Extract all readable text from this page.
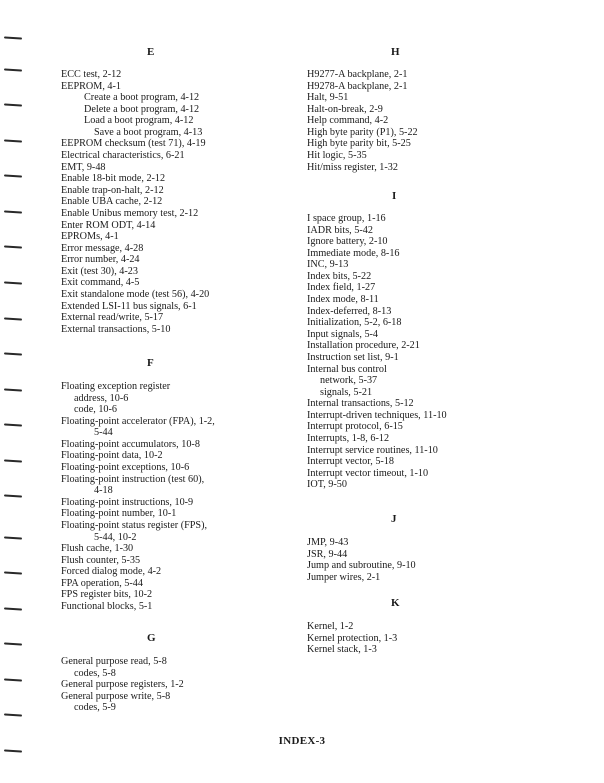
E
ECC test, 2-12
EEPROM, 4-1
Create a boot program, 4-12
Delete a boot program, 4-12
Load a boot program, 4-12
Save a boot program, 4-13
EEPROM checksum (test 71), 4-19
Electrical characteristics, 6-21
EMT, 9-48
Enable 18-bit mode, 2-12
Enable trap-on-halt, 2-12
Enable UBA cache, 2-12
Enable Unibus memory test, 2-12
Enter ROM ODT, 4-14
EPROMs, 4-1
Error message, 4-28
Error number, 4-24
Exit (test 30), 4-23
Exit command, 4-5
Exit standalone mode (test 56), 4-20
Extended LSI-11 bus signals, 6-1
External read/write, 5-17
External transactions, 5-10
F
Floating exception register
address, 10-6
code, 10-6
Floating-point accelerator (FPA), 1-2,
5-44
Floating-point accumulators, 10-8
Floating-point data, 10-2
Floating-point exceptions, 10-6
Floating-point instruction (test 60),
4-18
Floating-point instructions, 10-9
Floating-point number, 10-1
Floating-point status register (FPS),
5-44, 10-2
Flush cache, 1-30
Flush counter, 5-35
Forced dialog mode, 4-2
FPA operation, 5-44
FPS register bits, 10-2
Functional blocks, 5-1
G
General purpose read, 5-8
codes, 5-8
General purpose registers, 1-2
General purpose write, 5-8
codes, 5-9
H
H9277-A backplane, 2-1
H9278-A backplane, 2-1
Halt, 9-51
Halt-on-break, 2-9
Help command, 4-2
High byte parity (P1), 5-22
High byte parity bit, 5-25
Hit logic, 5-35
Hit/miss register, 1-32
I
I space group, 1-16
IADR bits, 5-42
Ignore battery, 2-10
Immediate mode, 8-16
INC, 9-13
Index bits, 5-22
Index field, 1-27
Index mode, 8-11
Index-deferred, 8-13
Initialization, 5-2, 6-18
Input signals, 5-4
Installation procedure, 2-21
Instruction set list, 9-1
Internal bus control
network, 5-37
signals, 5-21
Internal transactions, 5-12
Interrupt-driven techniques, 11-10
Interrupt protocol, 6-15
Interrupts, 1-8, 6-12
Interrupt service routines, 11-10
Interrupt vector, 5-18
Interrupt vector timeout, 1-10
IOT, 9-50
J
JMP, 9-43
JSR, 9-44
Jump and subroutine, 9-10
Jumper wires, 2-1
K
Kernel, 1-2
Kernel protection, 1-3
Kernel stack, 1-3
INDEX-3
